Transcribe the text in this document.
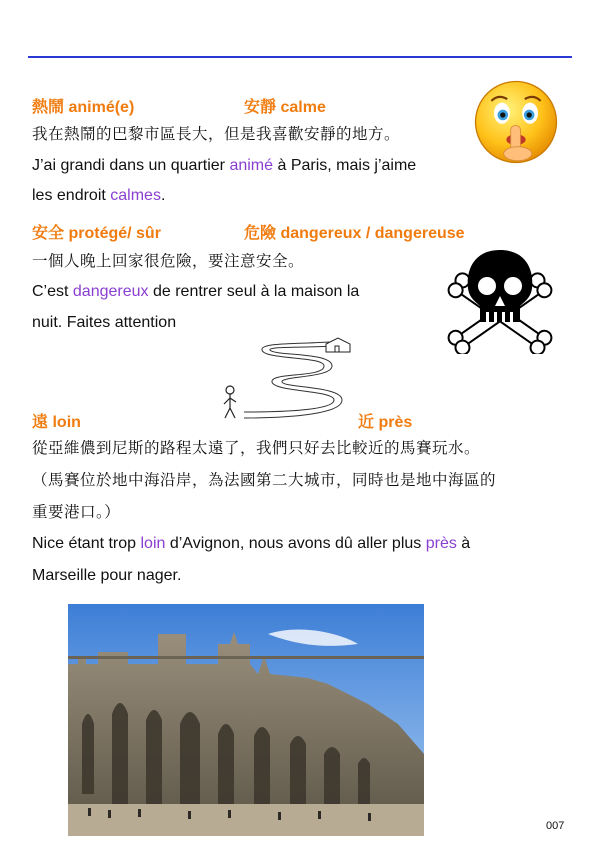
熱鬧 animé(e)	安靜 calme
我在熱鬧的巴黎市區長大，但是我喜歡安靜的地方。
J’ai grandi dans un quartier animé à Paris, mais j’aime
les endroit calmes.
安全 protégé/ sûr	危險 dangereux / dangereuse
一個人晚上回家很危險，要注意安全。
C’est dangereux de rentrer seul à la maison la
nuit. Faites attention
遠 loin	近 près
從亞維儂到尼斯的路程太遠了，我們只好去比較近的馬賽玩水。
（馬賽位於地中海沿岸，為法國第二大城市，同時也是地中海區的
重要港口。）
Nice étant trop loin d’Avignon, nous avons dû aller plus près à
Marseille pour nager.
007
